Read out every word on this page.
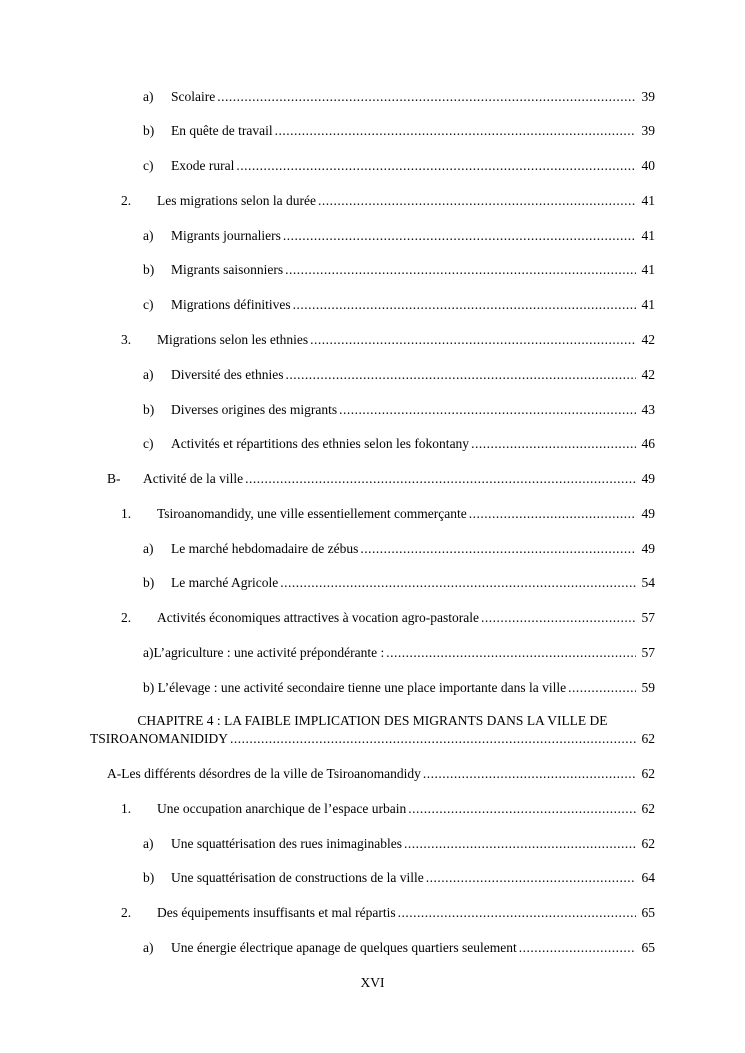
a)	Scolaire .....	39
b)	En quête de travail .....	39
c)	Exode rural .....	40
2.	Les migrations selon la durée .....	41
a)	Migrants journaliers .....	41
b)	Migrants saisonniers .....	41
c)	Migrations définitives .....	41
3.	Migrations selon les ethnies .....	42
a)	Diversité des ethnies .....	42
b)	Diverses origines des migrants .....	43
c)	Activités et répartitions des ethnies selon les fokontany .....	46
B-	Activité de la ville .....	49
1.	Tsiroanomandidy, une ville essentiellement commerçante .....	49
a)	Le marché hebdomadaire de zébus .....	49
b)	Le marché Agricole .....	54
2.	Activités économiques attractives à vocation agro-pastorale .....	57
a)L’agriculture : une activité prépondérante : .....	57
b) L’élevage : une activité secondaire tienne une place importante dans la ville .....	59
CHAPITRE 4 : LA FAIBLE IMPLICATION DES MIGRANTS DANS LA VILLE DE
TSIROANOMANIDIDY .....	62
A-Les différents désordres de la ville de Tsiroanomandidy .....	62
1.	Une occupation anarchique de l’espace urbain .....	62
a)	Une squattérisation des rues inimaginables .....	62
b)	Une squattérisation de constructions de la ville .....	64
2.	Des équipements insuffisants et mal répartis .....	65
a)	Une énergie électrique apanage de quelques quartiers seulement .....	65
XVI
